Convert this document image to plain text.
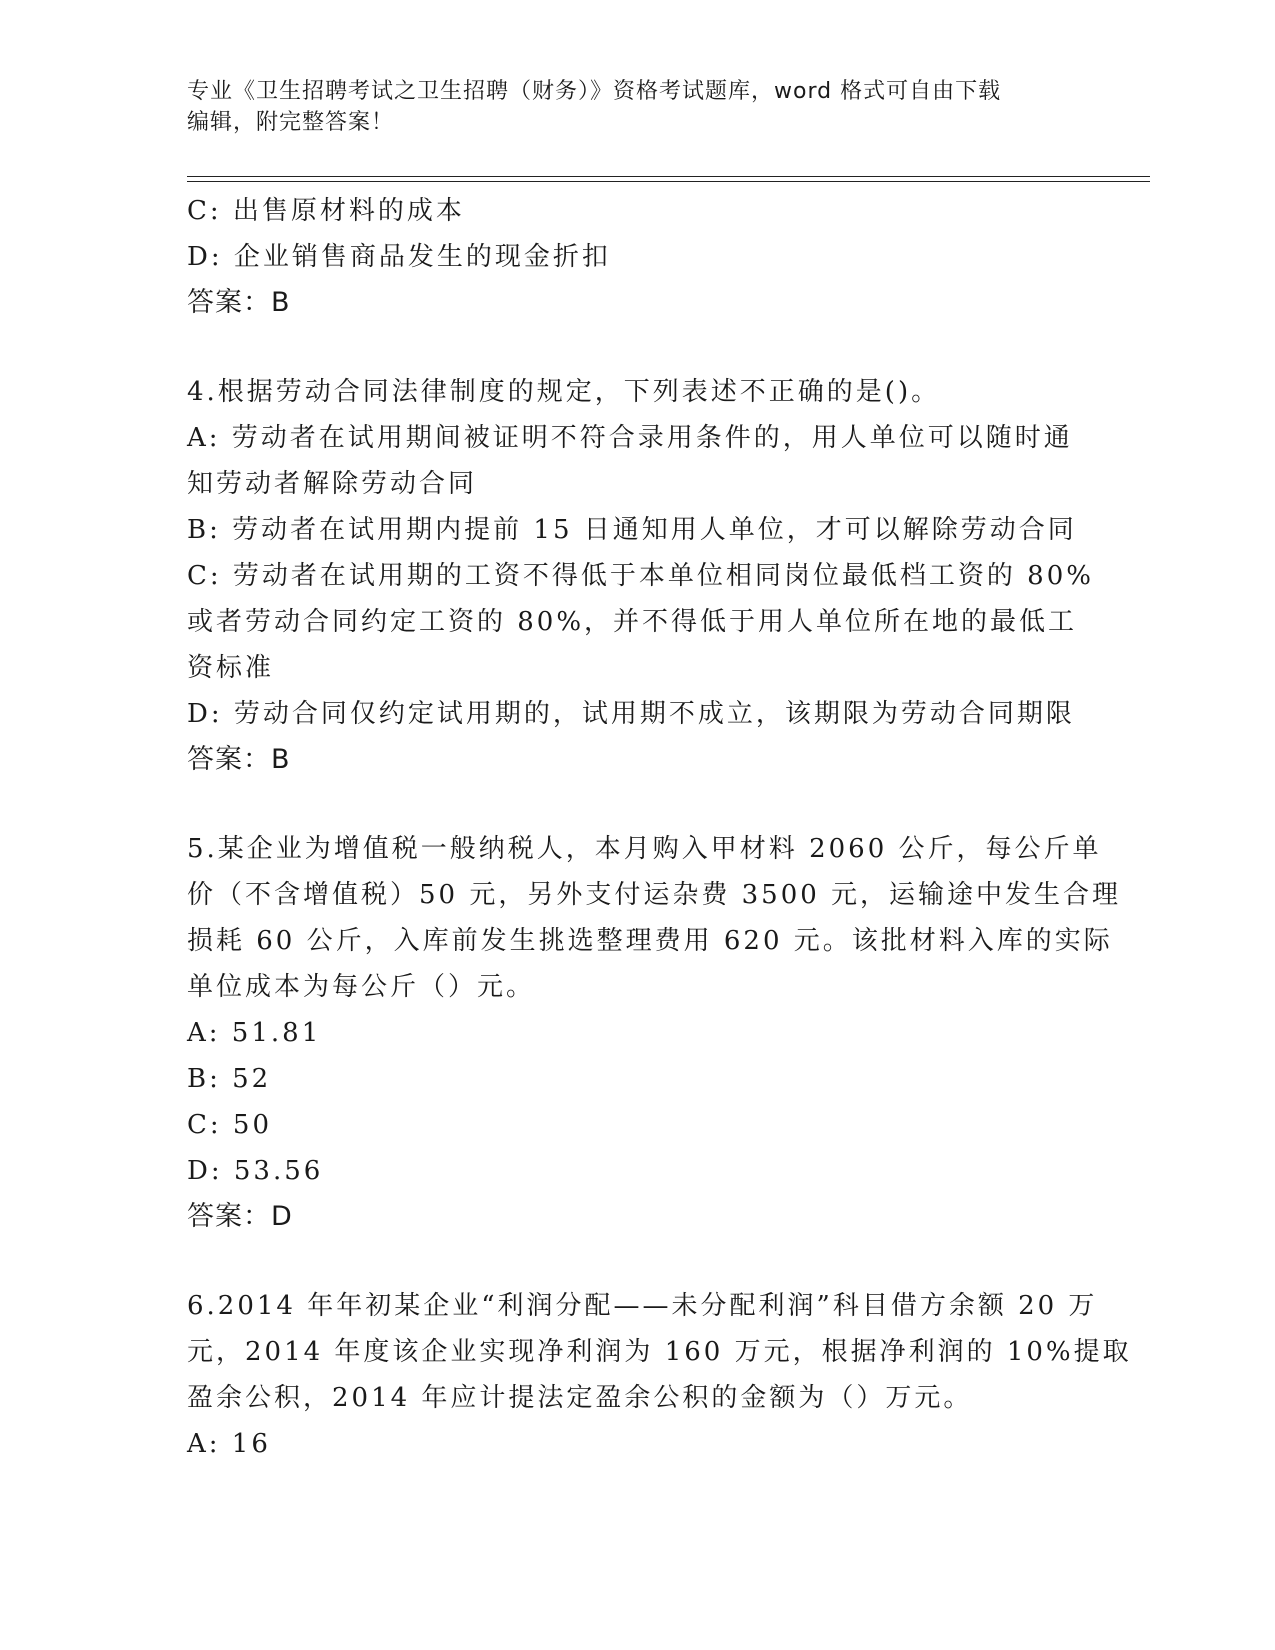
专业《卫生招聘考试之卫生招聘（财务）》资格考试题库，word 格式可自由下载
编辑，附完整答案！
C: 出售原材料的成本
D: 企业销售商品发生的现金折扣
答案：B
4.根据劳动合同法律制度的规定，下列表述不正确的是()。
A: 劳动者在试用期间被证明不符合录用条件的，用人单位可以随时通
知劳动者解除劳动合同
B: 劳动者在试用期内提前 15 日通知用人单位，才可以解除劳动合同
C: 劳动者在试用期的工资不得低于本单位相同岗位最低档工资的 80%
或者劳动合同约定工资的 80%，并不得低于用人单位所在地的最低工
资标准
D: 劳动合同仅约定试用期的，试用期不成立，该期限为劳动合同期限
答案：B
5.某企业为增值税一般纳税人，本月购入甲材料 2060 公斤，每公斤单
价（不含增值税）50 元，另外支付运杂费 3500 元，运输途中发生合理
损耗 60 公斤，入库前发生挑选整理费用 620 元。该批材料入库的实际
单位成本为每公斤（）元。
A: 51.81
B: 52
C: 50
D: 53.56
答案：D
6.2014 年年初某企业“利润分配——未分配利润”科目借方余额 20 万
元，2014 年度该企业实现净利润为 160 万元，根据净利润的 10%提取
盈余公积，2014 年应计提法定盈余公积的金额为（）万元。
A: 16
